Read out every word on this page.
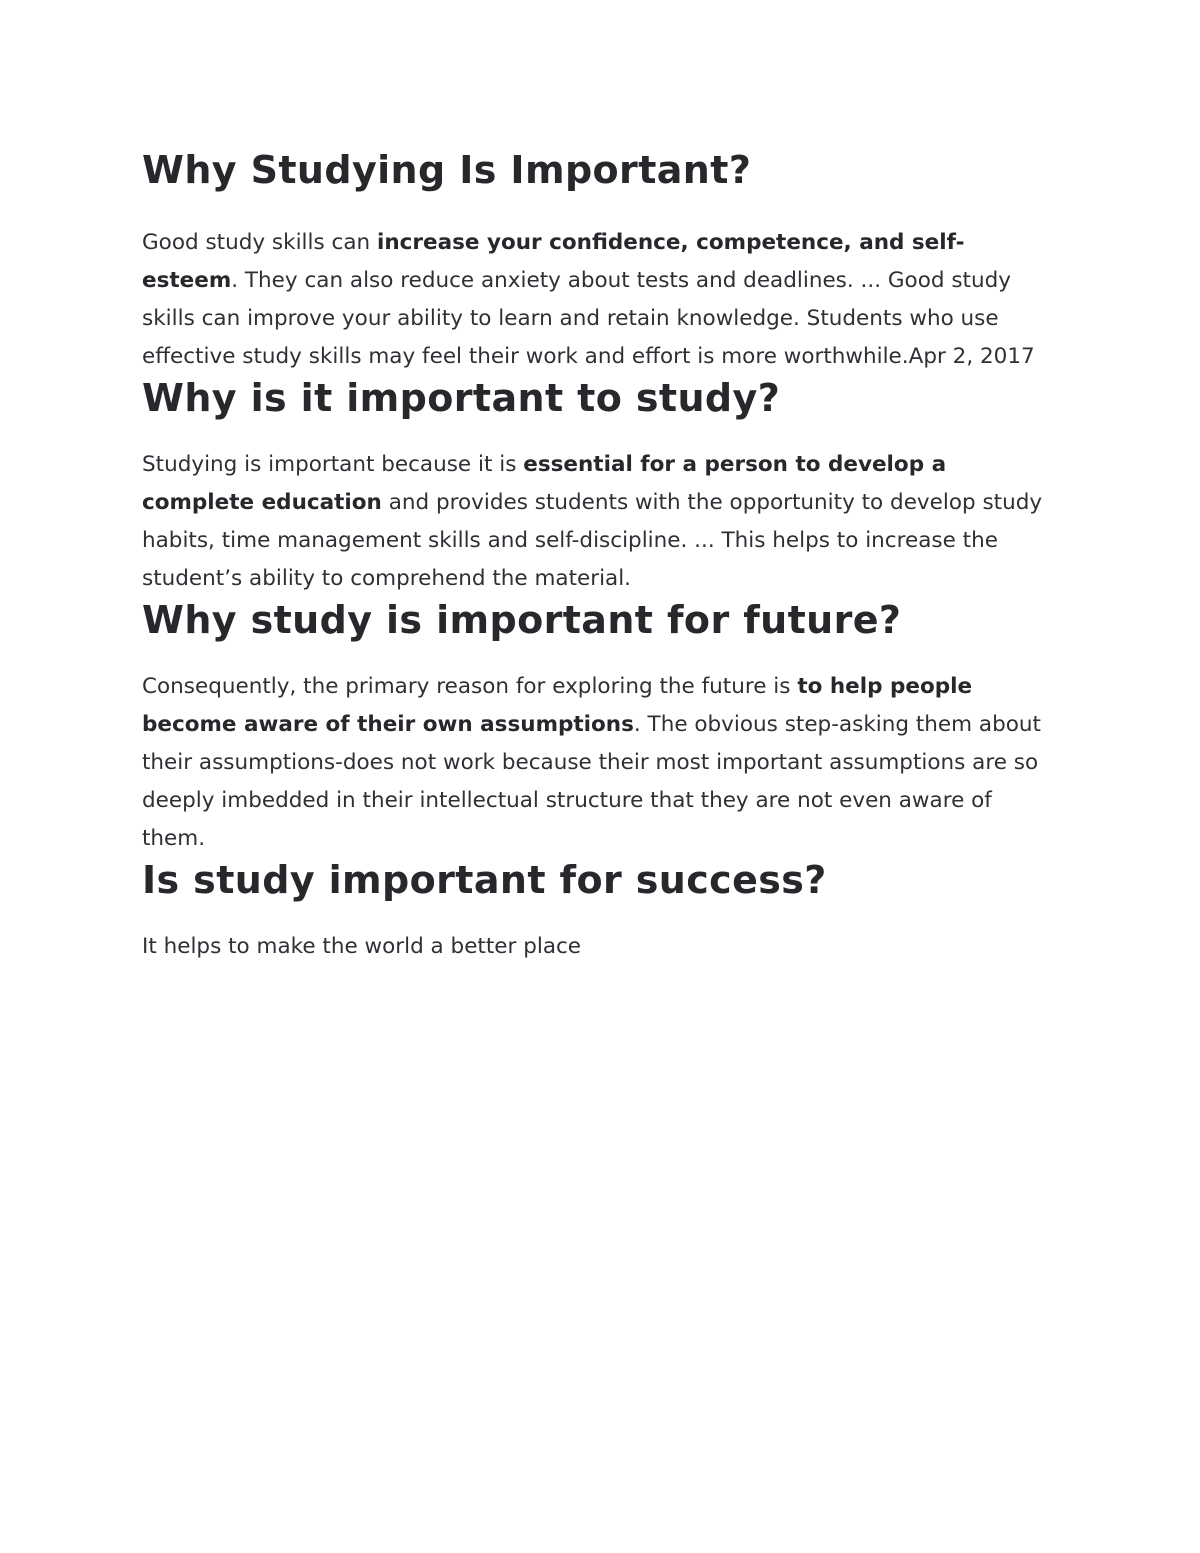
Why Studying Is Important?

Good study skills can increase your confidence, competence, and self-esteem. They can also reduce anxiety about tests and deadlines. ... Good study skills can improve your ability to learn and retain knowledge. Students who use effective study skills may feel their work and effort is more worthwhile.Apr 2, 2017

Why is it important to study?

Studying is important because it is essential for a person to develop a complete education and provides students with the opportunity to develop study habits, time management skills and self-discipline. ... This helps to increase the student’s ability to comprehend the material.

Why study is important for future?

Consequently, the primary reason for exploring the future is to help people become aware of their own assumptions. The obvious step-asking them about their assumptions-does not work because their most important assumptions are so deeply imbedded in their intellectual structure that they are not even aware of them.

Is study important for success?

It helps to make the world a better place
